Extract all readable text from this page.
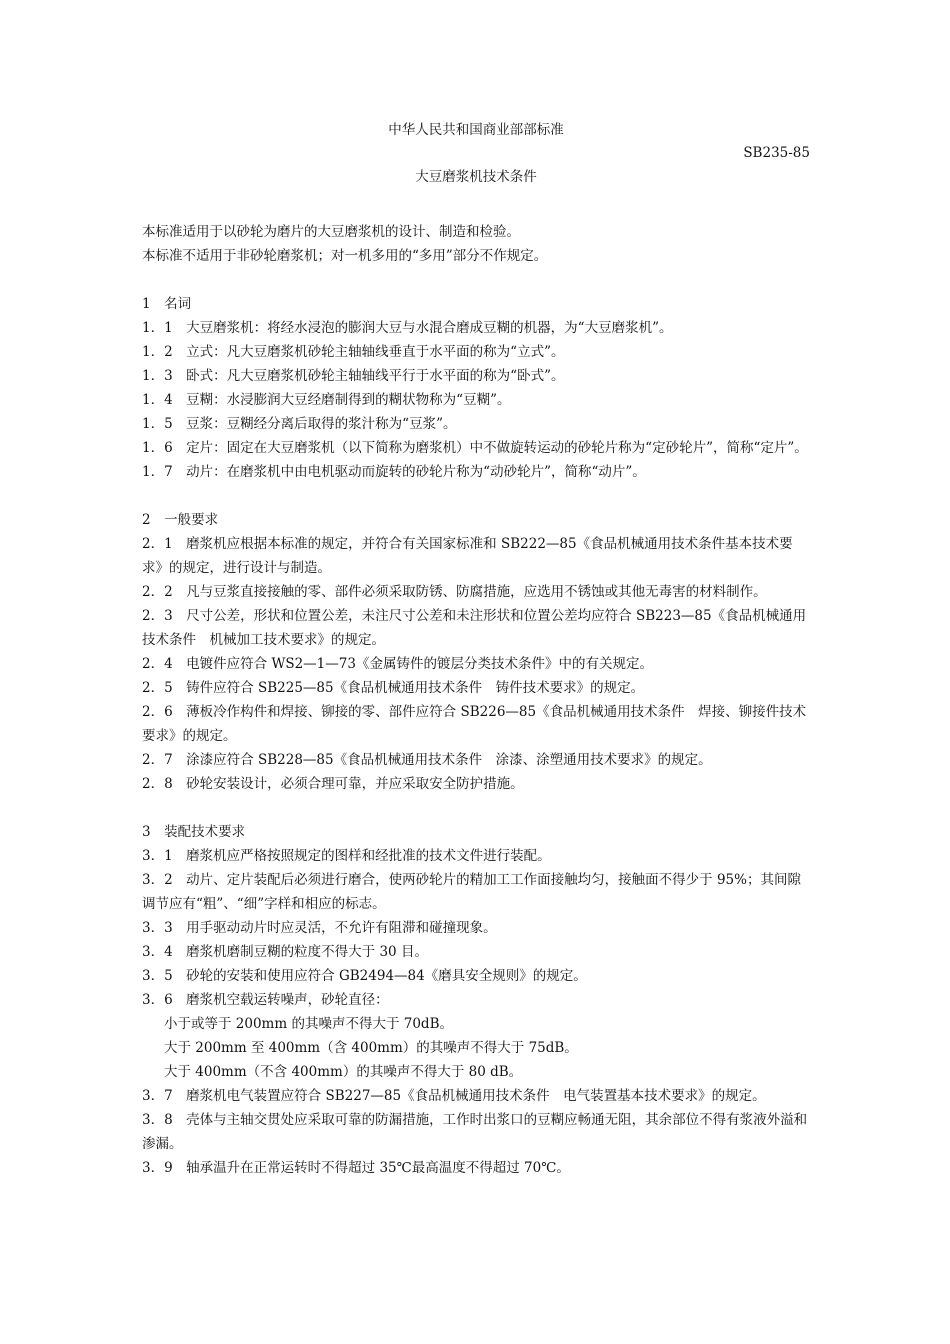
中华人民共和国商业部部标准
SB235-85
大豆磨浆机技术条件

本标准适用于以砂轮为磨片的大豆磨浆机的设计、制造和检验。

本标准不适用于非砂轮磨浆机；对一机多用的“多用”部分不作规定。

1　名词

1．1　大豆磨浆机：将经水浸泡的膨润大豆与水混合磨成豆糊的机器，为“大豆磨浆机”。

1．2　立式：凡大豆磨浆机砂轮主轴轴线垂直于水平面的称为“立式”。

1．3　卧式：凡大豆磨浆机砂轮主轴轴线平行于水平面的称为“卧式”。

1．4　豆糊：水浸膨润大豆经磨制得到的糊状物称为“豆糊”。

1．5　豆浆：豆糊经分离后取得的浆汁称为“豆浆”。

1．6　定片：固定在大豆磨浆机（以下简称为磨浆机）中不做旋转运动的砂轮片称为“定砂轮片”，简称“定片”。

1．7　动片：在磨浆机中由电机驱动而旋转的砂轮片称为“动砂轮片”，简称“动片”。

2　一般要求

2．1　磨浆机应根据本标准的规定，并符合有关国家标准和 SB222—85《食品机械通用技术条件基本技术要求》的规定，进行设计与制造。

2．2　凡与豆浆直接接触的零、部件必须采取防锈、防腐措施，应选用不锈蚀或其他无毒害的材料制作。

2．3　尺寸公差，形状和位置公差，未注尺寸公差和未注形状和位置公差均应符合 SB223—85《食品机械通用技术条件　机械加工技术要求》的规定。

2．4　电镀件应符合 WS2—1—73《金属铸件的镀层分类技术条件》中的有关规定。

2．5　铸件应符合 SB225—85《食品机械通用技术条件　铸件技术要求》的规定。

2．6　薄板冷作构件和焊接、铆接的零、部件应符合 SB226—85《食品机械通用技术条件　焊接、铆接件技术要求》的规定。

2．7　涂漆应符合 SB228—85《食品机械通用技术条件　涂漆、涂塑通用技术要求》的规定。

2．8　砂轮安装设计，必须合理可靠，并应采取安全防护措施。

3　装配技术要求

3．1　磨浆机应严格按照规定的图样和经批准的技术文件进行装配。

3．2　动片、定片装配后必须进行磨合，使两砂轮片的精加工工作面接触均匀，接触面不得少于 95%；其间隙调节应有“粗”、“细”字样和相应的标志。

3．3　用手驱动动片时应灵活，不允许有阻滞和碰撞现象。

3．4　磨浆机磨制豆糊的粒度不得大于 30 目。

3．5　砂轮的安装和使用应符合 GB2494—84《磨具安全规则》的规定。

3．6　磨浆机空载运转噪声，砂轮直径：

小于或等于 200mm 的其噪声不得大于 70dB。

大于 200mm 至 400mm（含 400mm）的其噪声不得大于 75dB。

大于 400mm（不含 400mm）的其噪声不得大于 80 dB。

3．7　磨浆机电气装置应符合 SB227—85《食品机械通用技术条件　电气装置基本技术要求》的规定。

3．8　壳体与主轴交贯处应采取可靠的防漏措施，工作时出浆口的豆糊应畅通无阻，其余部位不得有浆液外溢和渗漏。

3．9　轴承温升在正常运转时不得超过 35℃最高温度不得超过 70℃。
